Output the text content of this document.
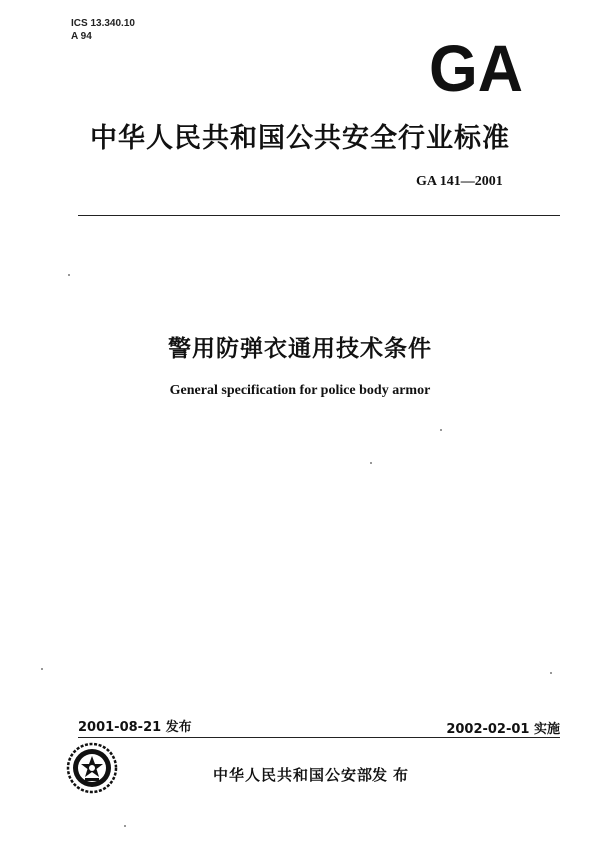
ICS 13.340.10
A 94	GA
中华人民共和国公共安全行业标准
GA 141—2001
警用防弹衣通用技术条件
General specification for police body armor
2001-08-21 发布	2002-02-01 实施
中华人民共和国公安部
发布
